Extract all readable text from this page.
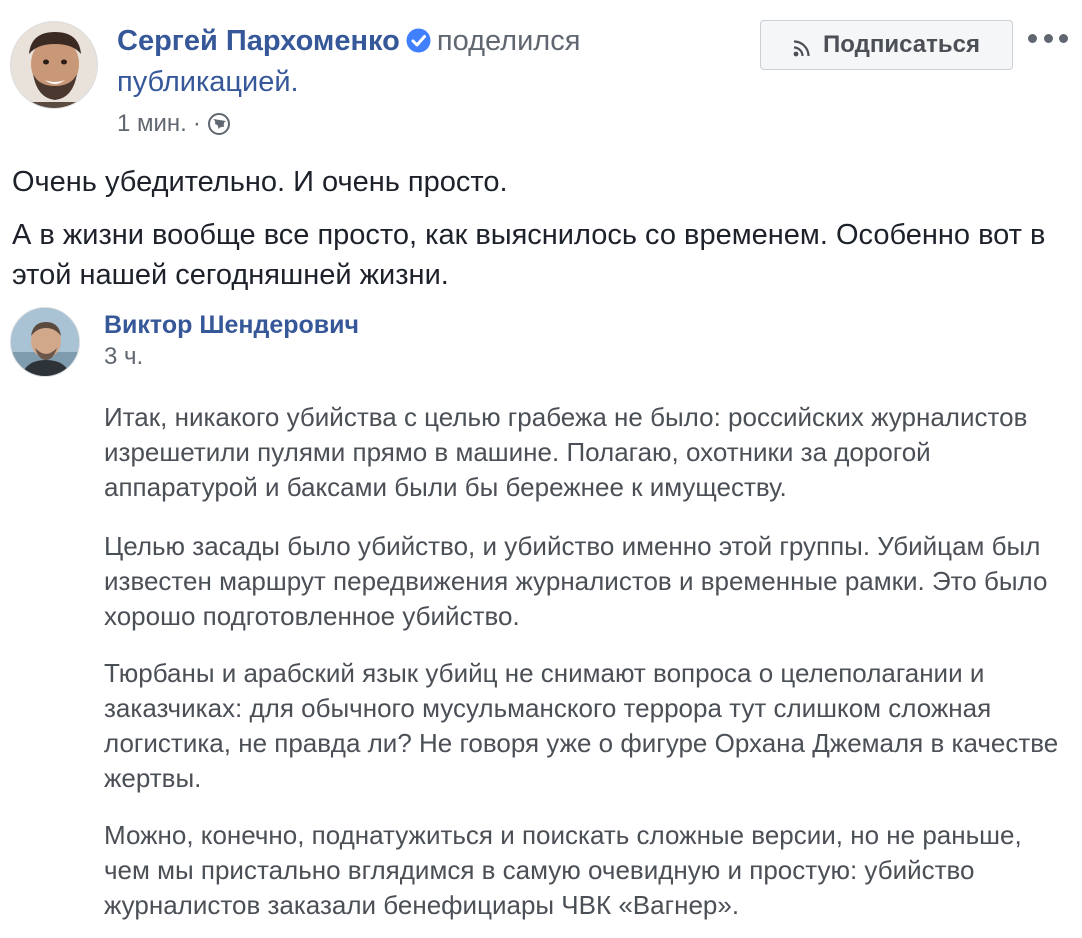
Сергей Пархоменко поделился
публикацией.
1 мин. ·
Подписаться

Очень убедительно. И очень просто.

А в жизни вообще все просто, как выяснилось со временем. Особенно вот в этой нашей сегодняшней жизни.

Виктор Шендерович
3 ч.

Итак, никакого убийства с целью грабежа не было: российских журналистов изрешетили пулями прямо в машине. Полагаю, охотники за дорогой аппаратурой и баксами были бы бережнее к имуществу.

Целью засады было убийство, и убийство именно этой группы. Убийцам был известен маршрут передвижения журналистов и временные рамки. Это было хорошо подготовленное убийство.

Тюрбаны и арабский язык убийц не снимают вопроса о целеполагании и заказчиках: для обычного мусульманского террора тут слишком сложная логистика, не правда ли? Не говоря уже о фигуре Орхана Джемаля в качестве жертвы.

Можно, конечно, поднатужиться и поискать сложные версии, но не раньше, чем мы пристально вглядимся в самую очевидную и простую: убийство журналистов заказали бенефициары ЧВК «Вагнер».
